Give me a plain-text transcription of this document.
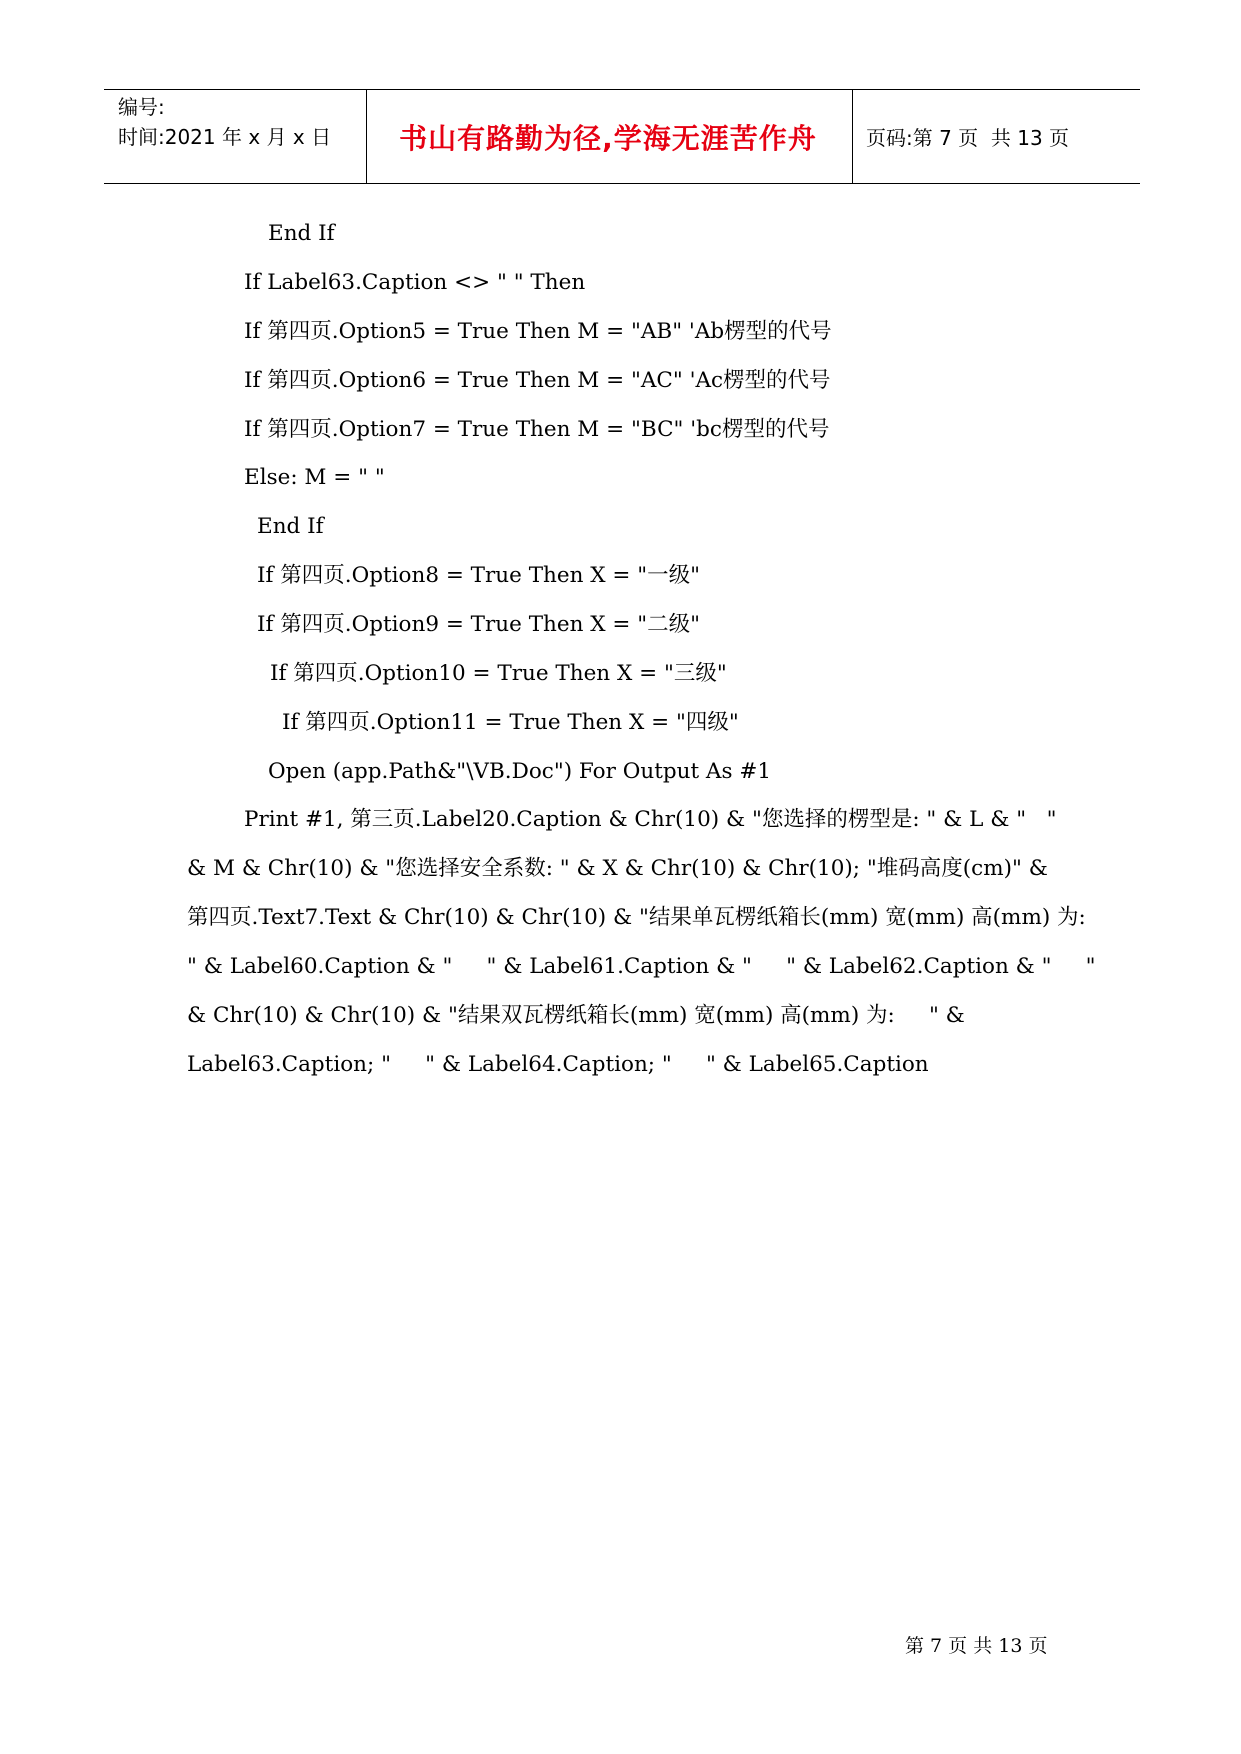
编号:
时间:2021 年 x 月 x 日	书山有路勤为径,学海无涯苦作舟	页码:第 7 页  共 13 页
End If
If Label63.Caption <> " " Then
If 第四页.Option5 = True Then M = "AB" 'Ab楞型的代号
If 第四页.Option6 = True Then M = "AC" 'Ac楞型的代号
If 第四页.Option7 = True Then M = "BC" 'bc楞型的代号
Else: M = " "
End If
If 第四页.Option8 = True Then X = "一级"
If 第四页.Option9 = True Then X = "二级"
If 第四页.Option10 = True Then X = "三级"
If 第四页.Option11 = True Then X = "四级"
Open (app.Path&"\VB.Doc") For Output As #1
Print #1, 第三页.Label20.Caption & Chr(10) & "您选择的楞型是: " & L & "   "
& M & Chr(10) & "您选择安全系数: " & X & Chr(10) & Chr(10); "堆码高度(cm)" &
第四页.Text7.Text & Chr(10) & Chr(10) & "结果单瓦楞纸箱长(mm) 宽(mm) 高(mm) 为:
" & Label60.Caption & "     " & Label61.Caption & "     " & Label62.Caption & "     "
& Chr(10) & Chr(10) & "结果双瓦楞纸箱长(mm) 宽(mm) 高(mm) 为:     " &
Label63.Caption; "     " & Label64.Caption; "     " & Label65.Caption
第 7 页 共 13 页
